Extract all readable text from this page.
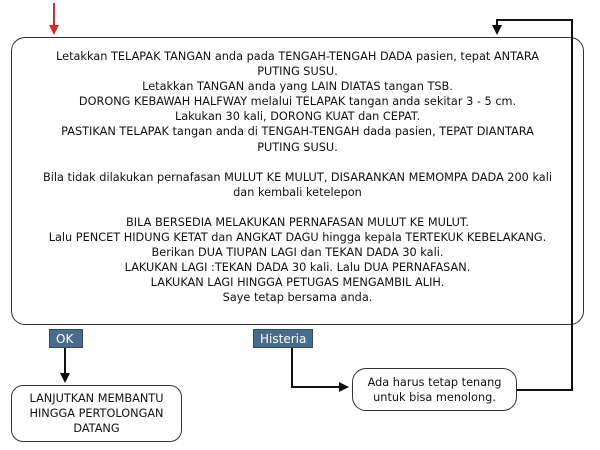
Letakkan TELAPAK TANGAN anda pada TENGAH-TENGAH DADA pasien, tepat ANTARA

PUTING SUSU.

Letakkan TANGAN anda yang LAIN DIATAS tangan TSB.

DORONG KEBAWAH HALFWAY melalui TELAPAK tangan anda sekitar 3 - 5 cm.

Lakukan 30 kali, DORONG KUAT dan CEPAT.

PASTIKAN TELAPAK tangan anda di TENGAH-TENGAH dada pasien, TEPAT DIANTARA

PUTING SUSU.

Bila tidak dilakukan pernafasan MULUT KE MULUT, DISARANKAN MEMOMPA DADA 200 kali

dan kembali ketelepon

BILA BERSEDIA MELAKUKAN PERNAFASAN MULUT KE MULUT.

Lalu PENCET HIDUNG KETAT dan ANGKAT DAGU hingga kepala TERTEKUK KEBELAKANG.

Berikan DUA TIUPAN LAGI dan TEKAN DADA 30 kali.

LAKUKAN LAGI :TEKAN DADA 30 kali. Lalu DUA PERNAFASAN.

LAKUKAN LAGI HINGGA PETUGAS MENGAMBIL ALIH.

Saye tetap bersama anda.

OK	Histeria
LANJUTKAN MEMBANTU
HINGGA PERTOLONGAN
DATANG
Ada harus tetap tenang
untuk bisa menolong.
